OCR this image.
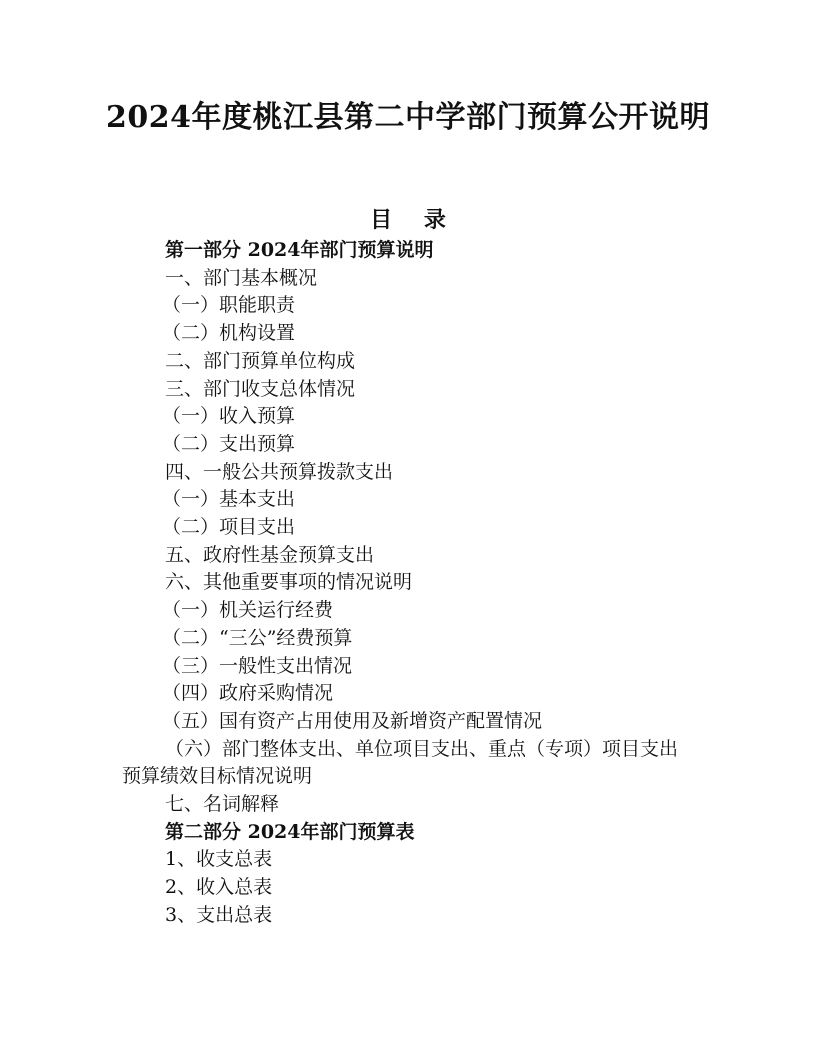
2024年度桃江县第二中学部门预算公开说明
目 录
第一部分 2024年部门预算说明
一、部门基本概况
（一）职能职责
（二）机构设置
二、部门预算单位构成
三、部门收支总体情况
（一）收入预算
（二）支出预算
四、一般公共预算拨款支出
（一）基本支出
（二）项目支出
五、政府性基金预算支出
六、其他重要事项的情况说明
（一）机关运行经费
（二）“三公”经费预算
（三）一般性支出情况
（四）政府采购情况
（五）国有资产占用使用及新增资产配置情况
（六）部门整体支出、单位项目支出、重点（专项）项目支出预算绩效目标情况说明
七、名词解释
第二部分 2024年部门预算表
1、收支总表
2、收入总表
3、支出总表
